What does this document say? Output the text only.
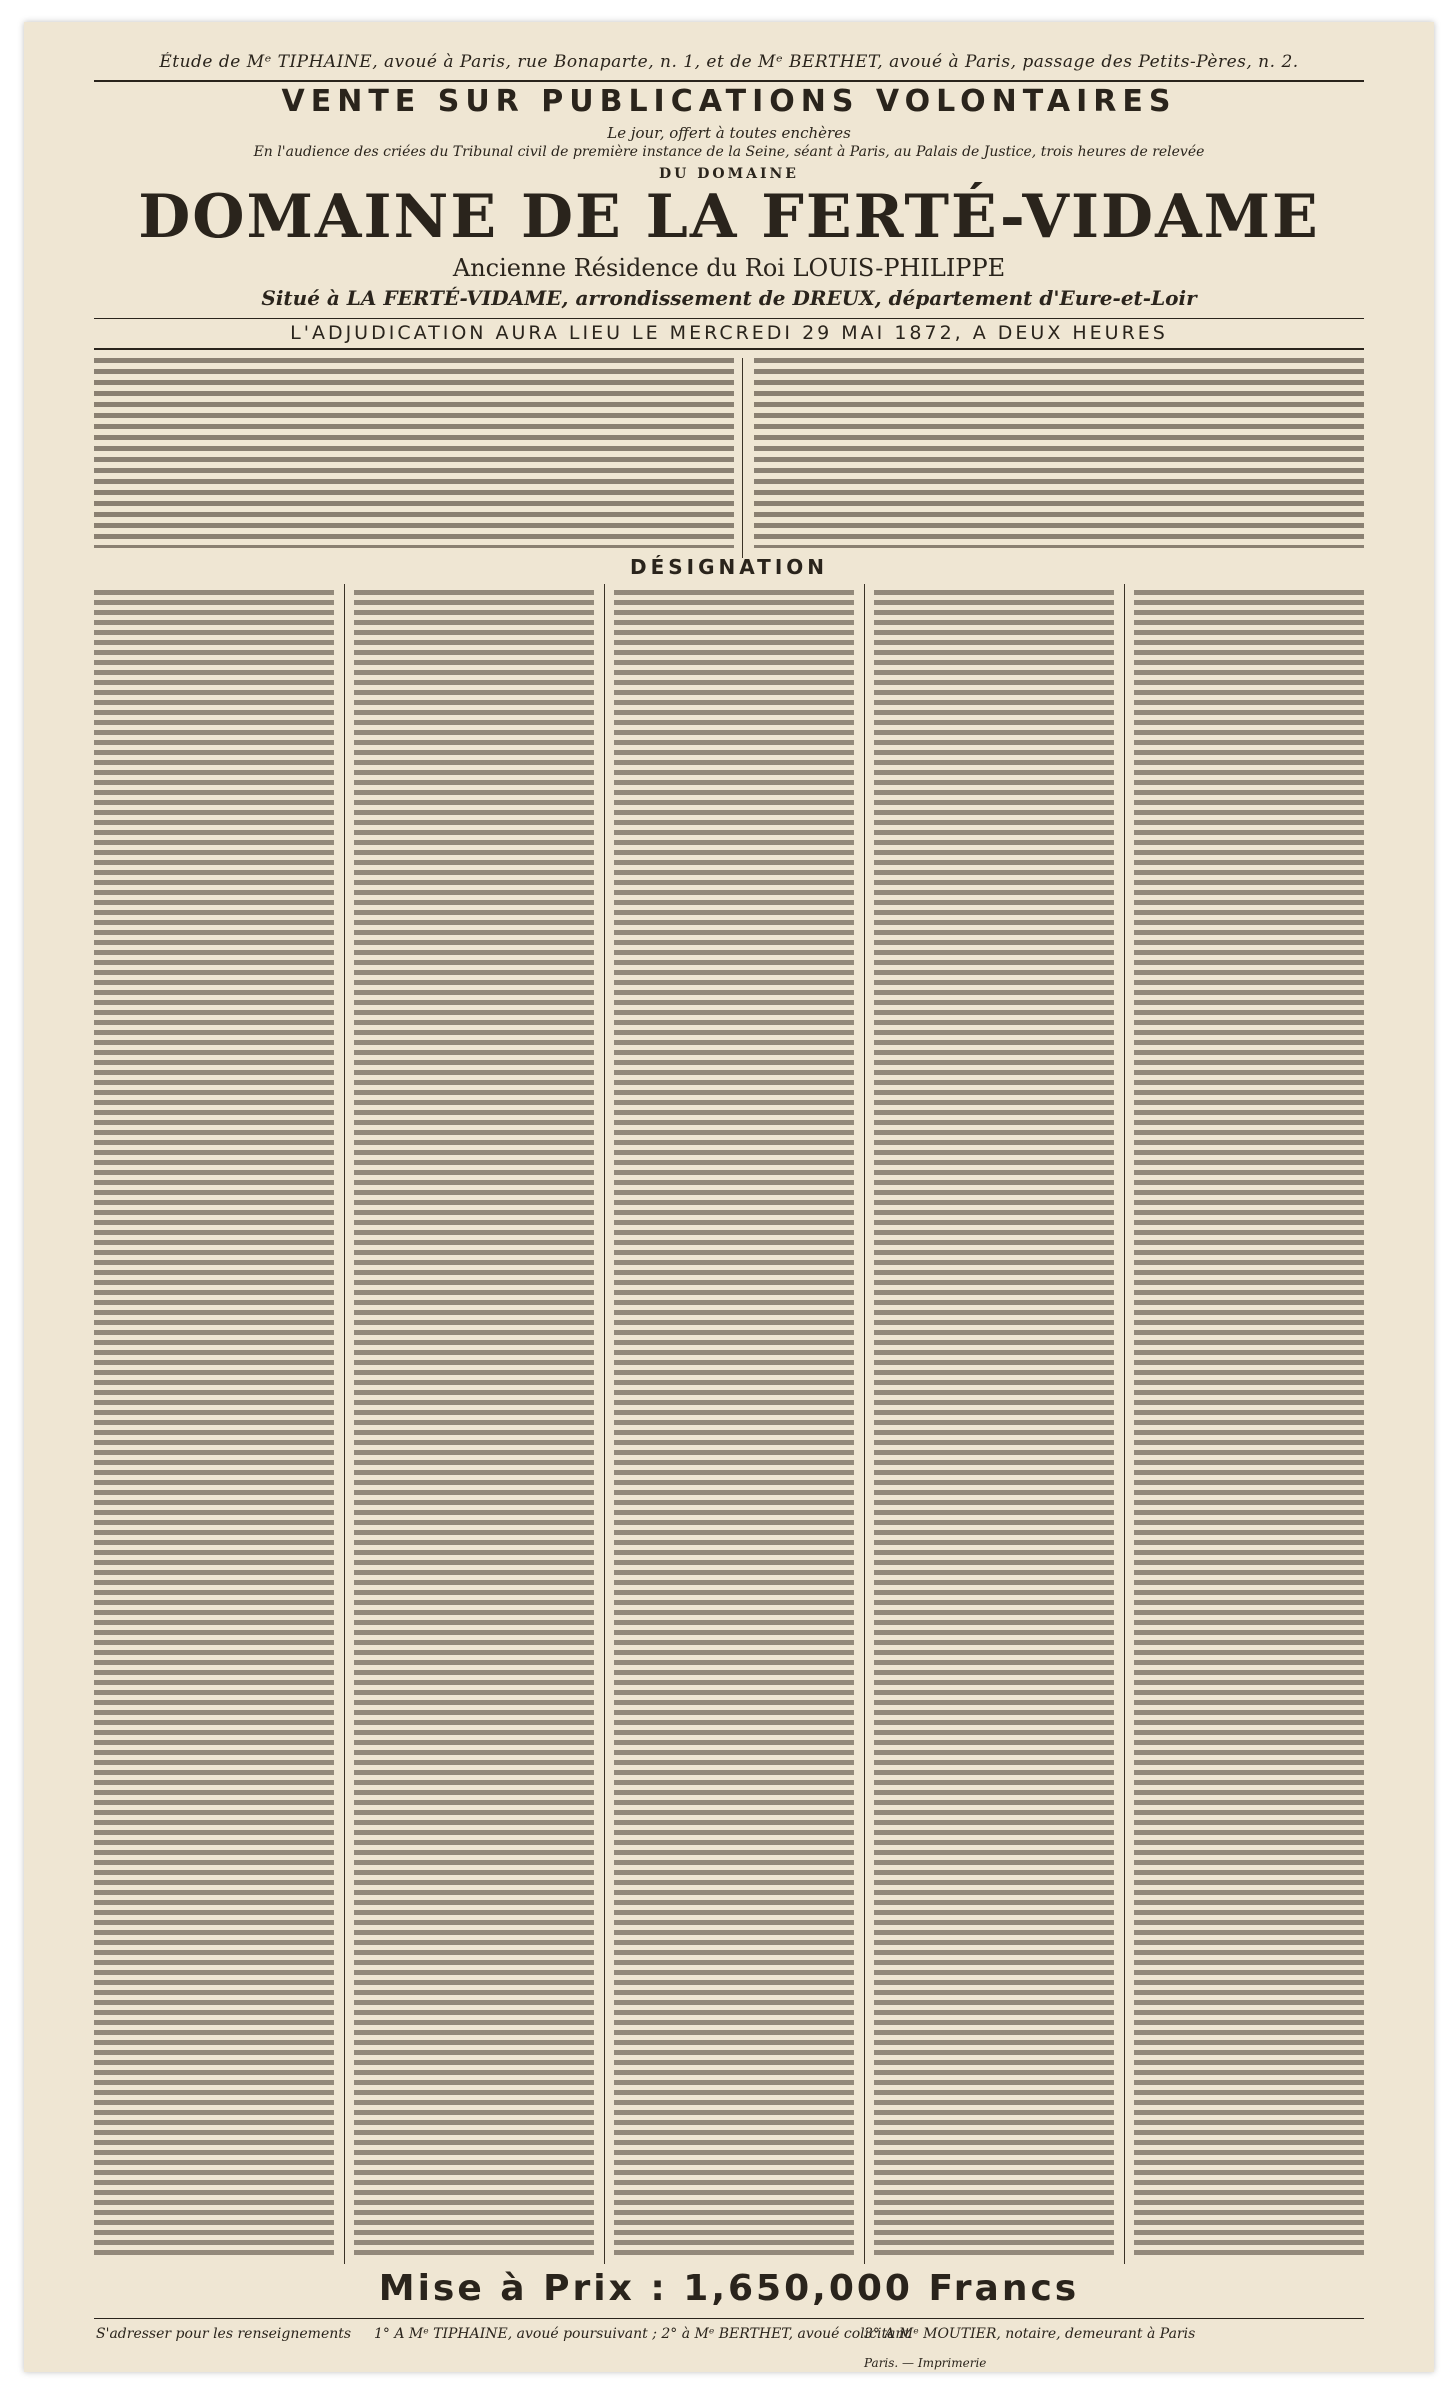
Étude de Mᵉ TIPHAINE, avoué à Paris, rue Bonaparte, n. 1, et de Mᵉ BERTHET, avoué à Paris, passage des Petits-Pères, n. 2.
VENTE SUR PUBLICATIONS VOLONTAIRES
Le jour, offert à toutes enchères
En l'audience des criées du Tribunal civil de première instance de la Seine, séant à Paris, au Palais de Justice, trois heures de relevée
DU DOMAINE
DOMAINE DE LA FERTÉ-VIDAME
Ancienne Résidence du Roi LOUIS-PHILIPPE
Situé à LA FERTÉ-VIDAME, arrondissement de DREUX, département d'Eure-et-Loir
L'ADJUDICATION AURA LIEU LE MERCREDI 29 MAI 1872, A DEUX HEURES
DÉSIGNATION
Mise à Prix : 1,650,000 Francs
S'adresser pour les renseignements 1° A Mᵉ TIPHAINE, avoué poursuivant ; 2° à Mᵉ BERTHET, avoué colicitant
3° A Mᵉ MOUTIER, notaire, demeurant à Paris
Paris. — Imprimerie
